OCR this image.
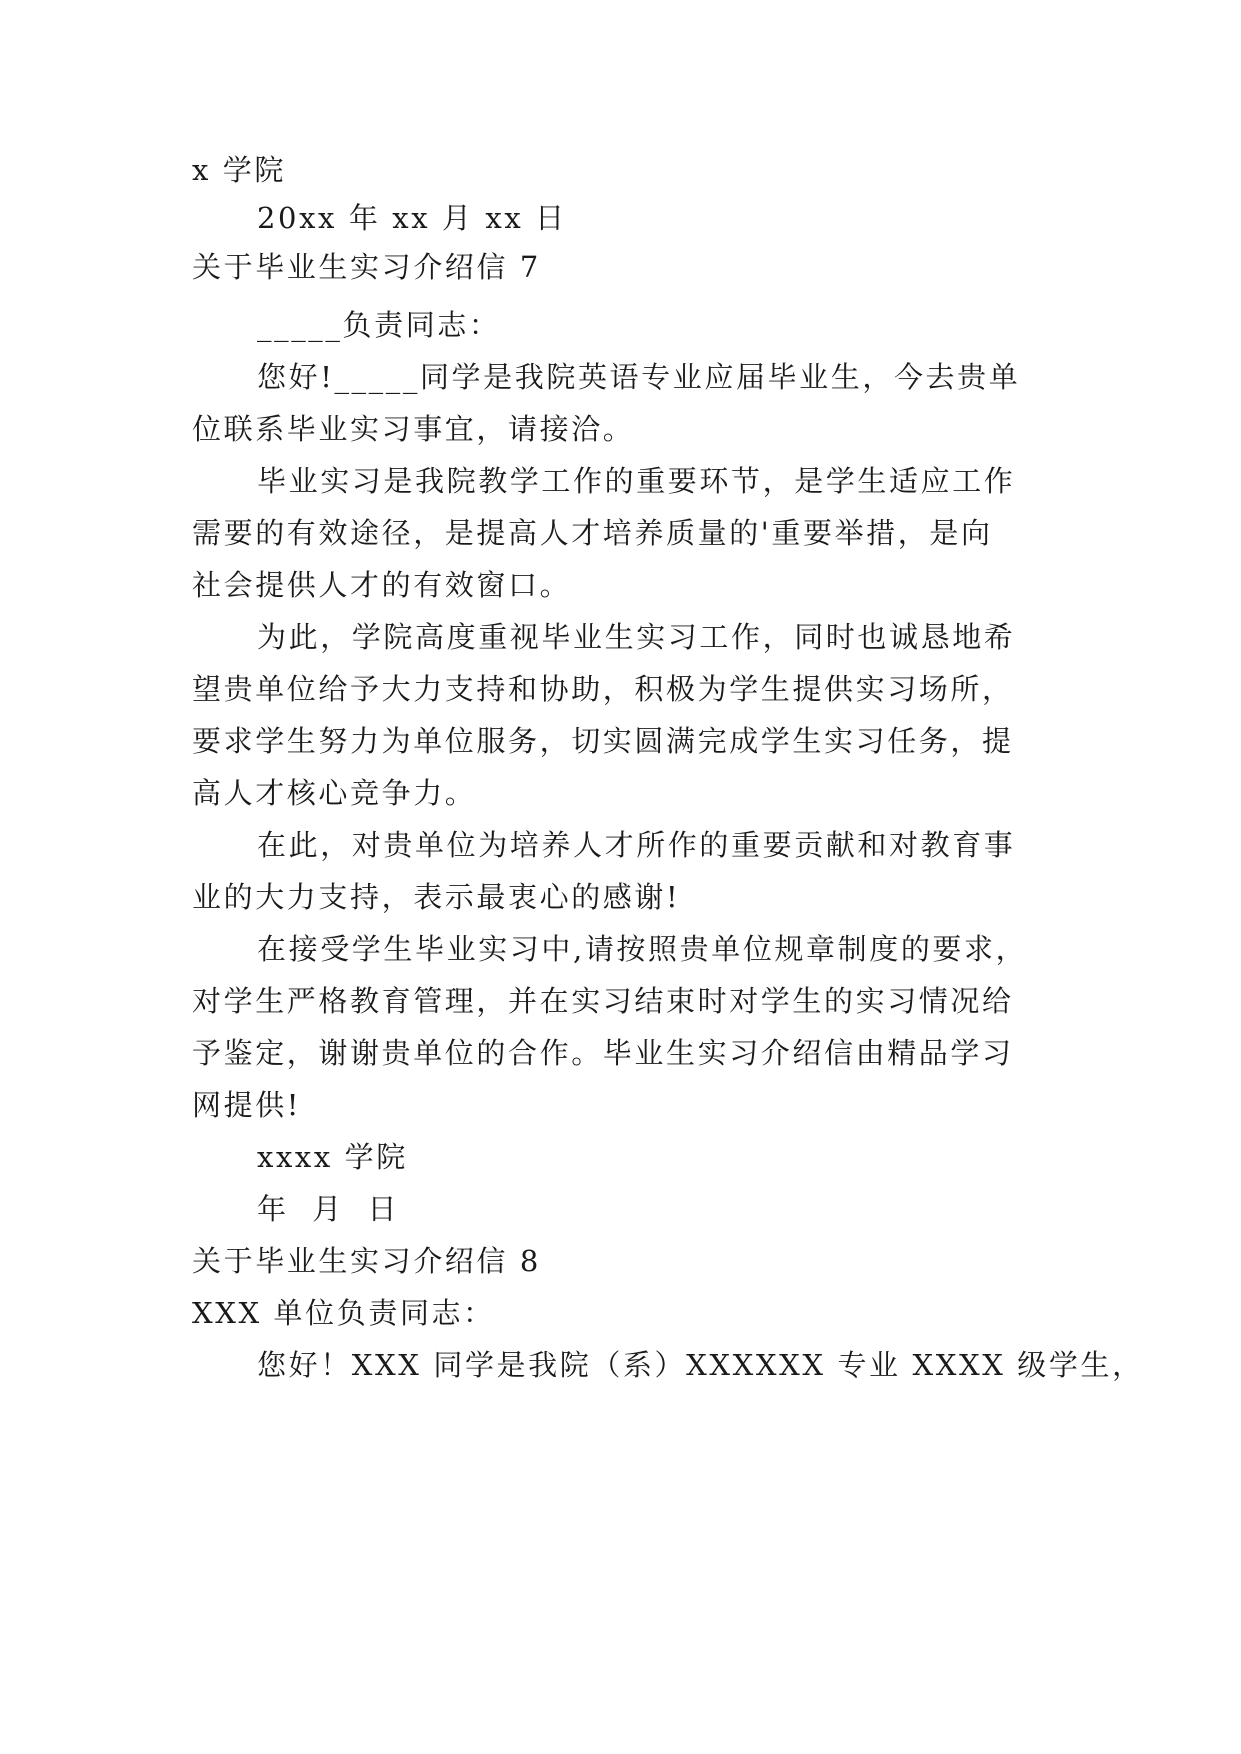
x 学院

20xx 年 xx 月 xx 日

关于毕业生实习介绍信 7

_____负责同志：

您好!_____同学是我院英语专业应届毕业生，今去贵单

位联系毕业实习事宜，请接洽。

毕业实习是我院教学工作的重要环节，是学生适应工作

需要的有效途径，是提高人才培养质量的'重要举措，是向

社会提供人才的有效窗口。

为此，学院高度重视毕业生实习工作，同时也诚恳地希

望贵单位给予大力支持和协助，积极为学生提供实习场所，

要求学生努力为单位服务，切实圆满完成学生实习任务，提

高人才核心竞争力。

在此，对贵单位为培养人才所作的重要贡献和对教育事

业的大力支持，表示最衷心的感谢!

在接受学生毕业实习中,请按照贵单位规章制度的要求，

对学生严格教育管理，并在实习结束时对学生的实习情况给

予鉴定，谢谢贵单位的合作。毕业生实习介绍信由精品学习

网提供!

xxxx 学院

年  月  日

关于毕业生实习介绍信 8

XXX 单位负责同志：

您好！XXX 同学是我院（系）XXXXXX 专业 XXXX 级学生，
